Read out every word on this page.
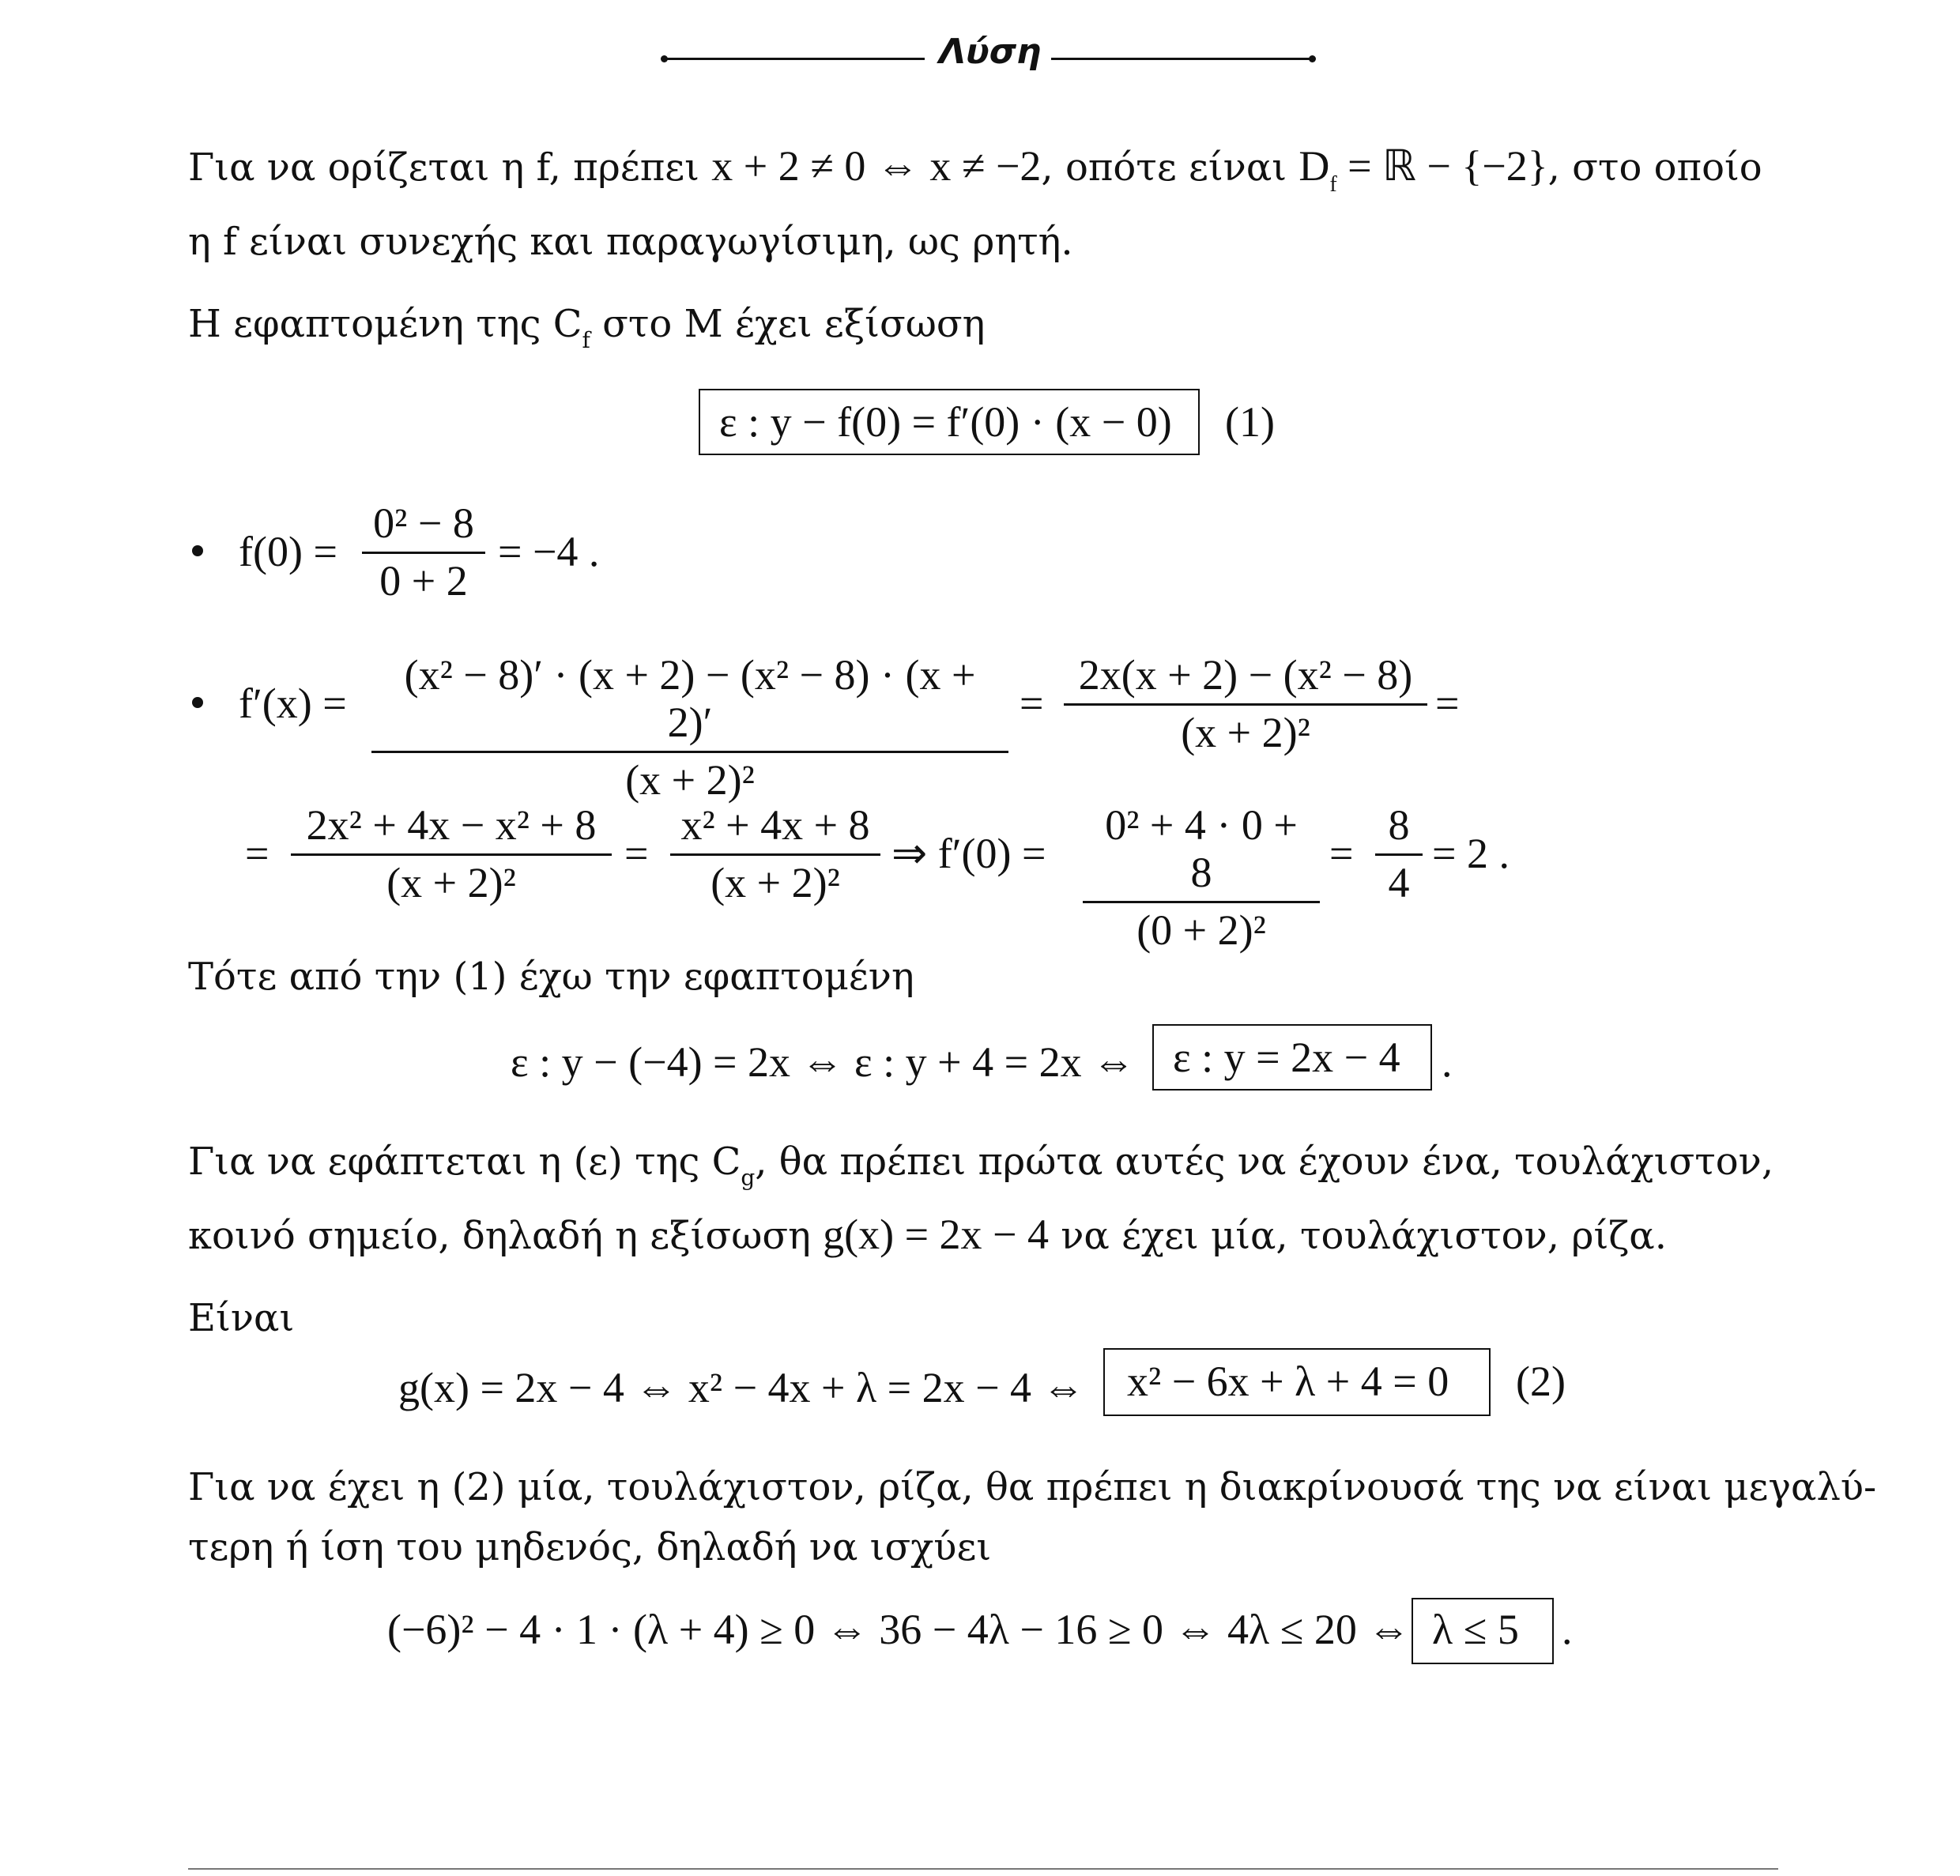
Λύση
Για να ορίζεται η f, πρέπει x + 2 ≠ 0 ⇔ x ≠ −2, οπότε είναι $D_f$ = ℝ − {−2}, στο οποίο
η f είναι συνεχής και παραγωγίσιμη, ως ρητή.
Η εφαπτομένη της $C_f$ στο Μ έχει εξίσωση
ε : y − f(0) = f′(0) · (x − 0) (1)
f(0) =
0² − 8
0 + 2
= −4 .
f′(x) =
(x² − 8)′ · (x + 2) − (x² − 8) · (x + 2)′
(x + 2)²
=
2x(x + 2) − (x² − 8)
(x + 2)²
=
=
2x² + 4x − x² + 8
(x + 2)²
=
x² + 4x + 8
(x + 2)²
⇒ f′(0) =
0² + 4 · 0 + 8
(0 + 2)²
=
8
4
= 2 .
Τότε από την (1) έχω την εφαπτομένη
ε : y − (−4) = 2x ⇔ ε : y + 4 = 2x ⇔ ε : y = 2x − 4 .
Για να εφάπτεται η (ε) της $C_g$, θα πρέπει πρώτα αυτές να έχουν ένα, τουλάχιστον,
κοινό σημείο, δηλαδή η εξίσωση g(x) = 2x − 4 να έχει μία, τουλάχιστον, ρίζα.
Είναι
g(x) = 2x − 4 ⇔ x² − 4x + λ = 2x − 4 ⇔ x² − 6x + λ + 4 = 0 (2)
Για να έχει η (2) μία, τουλάχιστον, ρίζα, θα πρέπει η διακρίνουσά της να είναι μεγαλύ-
τερη ή ίση του μηδενός, δηλαδή να ισχύει
(−6)² − 4 · 1 · (λ + 4) ≥ 0 ⇔ 36 − 4λ − 16 ≥ 0 ⇔ 4λ ≤ 20 ⇔ λ ≤ 5 .
